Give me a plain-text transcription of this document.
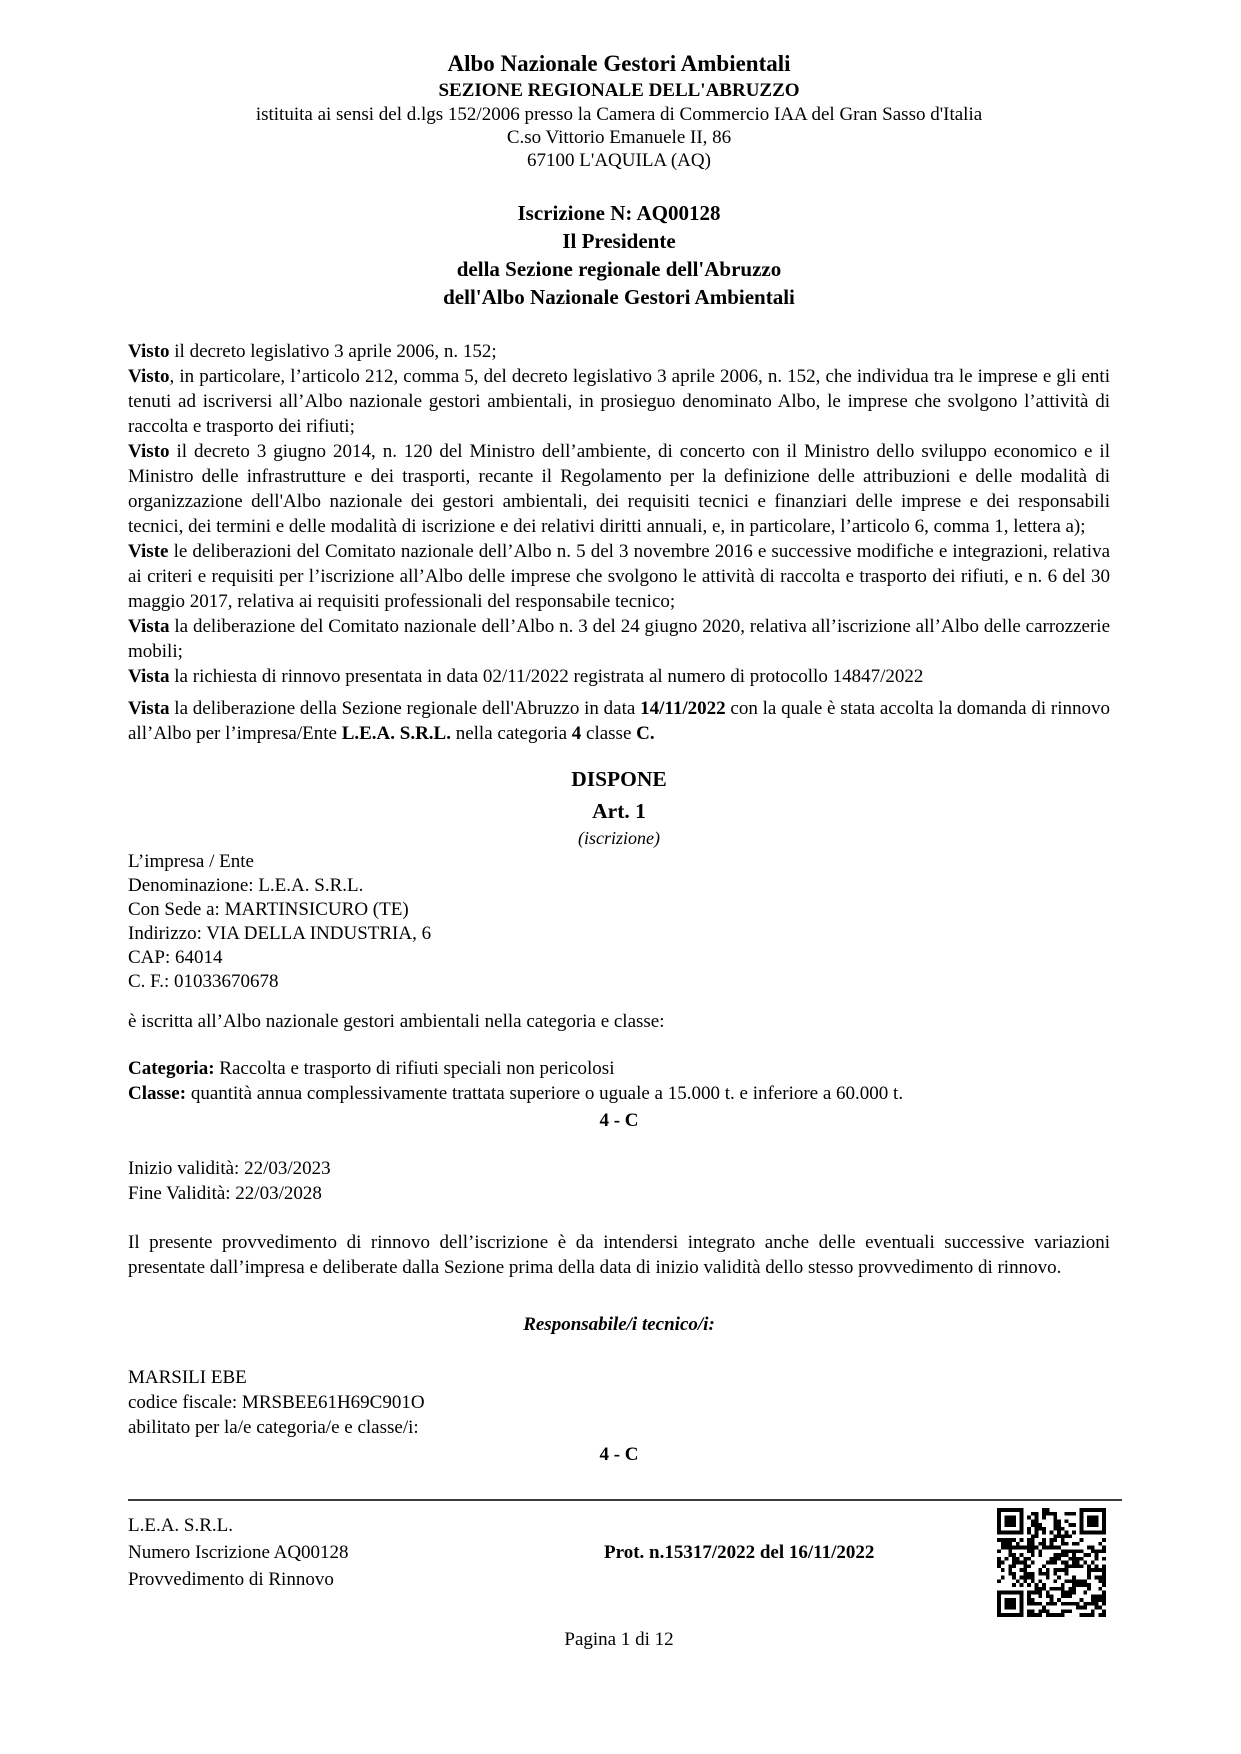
Albo Nazionale Gestori Ambientali
SEZIONE REGIONALE DELL'ABRUZZO
istituita ai sensi del d.lgs 152/2006 presso la Camera di Commercio IAA del Gran Sasso d'Italia
C.so Vittorio Emanuele II, 86
67100 L'AQUILA (AQ)
Iscrizione N: AQ00128
Il Presidente
della Sezione regionale dell'Abruzzo
dell'Albo Nazionale Gestori Ambientali

Visto il decreto legislativo 3 aprile 2006, n. 152;

Visto, in particolare, l’articolo 212, comma 5, del decreto legislativo 3 aprile 2006, n. 152, che individua tra le imprese e gli enti tenuti ad iscriversi all’Albo nazionale gestori ambientali, in prosieguo denominato Albo, le imprese che svolgono l’attività di raccolta e trasporto dei rifiuti;

Visto il decreto 3 giugno 2014, n. 120 del Ministro dell’ambiente, di concerto con il Ministro dello sviluppo economico e il Ministro delle infrastrutture e dei trasporti, recante il Regolamento per la definizione delle attribuzioni e delle modalità di organizzazione dell'Albo nazionale dei gestori ambientali, dei requisiti tecnici e finanziari delle imprese e dei responsabili tecnici, dei termini e delle modalità di iscrizione e dei relativi diritti annuali, e, in particolare, l’articolo 6, comma 1, lettera a);

Viste le deliberazioni del Comitato nazionale dell’Albo n. 5 del 3 novembre 2016 e successive modifiche e integrazioni, relativa ai criteri e requisiti per l’iscrizione all’Albo delle imprese che svolgono le attività di raccolta e trasporto dei rifiuti, e n. 6 del 30 maggio 2017, relativa ai requisiti professionali del responsabile tecnico;

Vista la deliberazione del Comitato nazionale dell’Albo n. 3 del 24 giugno 2020, relativa all’iscrizione all’Albo delle carrozzerie mobili;

Vista la richiesta di rinnovo presentata in data 02/11/2022 registrata al numero di protocollo 14847/2022

Vista la deliberazione della Sezione regionale dell'Abruzzo in data 14/11/2022 con la quale è stata accolta la domanda di rinnovo all’Albo per l’impresa/Ente L.E.A. S.R.L. nella categoria 4 classe C.

DISPONE
Art. 1
(iscrizione)
L’impresa / Ente
Denominazione: L.E.A. S.R.L.
Con Sede a: MARTINSICURO (TE)
Indirizzo: VIA DELLA INDUSTRIA, 6
CAP: 64014
C. F.: 01033670678
è iscritta all’Albo nazionale gestori ambientali nella categoria e classe:
Categoria: Raccolta e trasporto di rifiuti speciali non pericolosi
Classe: quantità annua complessivamente trattata superiore o uguale a 15.000 t. e inferiore a 60.000 t.
4 - C
Inizio validità: 22/03/2023
Fine Validità: 22/03/2028

Il presente provvedimento di rinnovo dell’iscrizione è da intendersi integrato anche delle eventuali successive variazioni presentate dall’impresa e deliberate dalla Sezione prima della data di inizio validità dello stesso provvedimento di rinnovo.

Responsabile/i tecnico/i:
MARSILI EBE
codice fiscale: MRSBEE61H69C901O
abilitato per la/e categoria/e e classe/i:
4 - C
L.E.A. S.R.L.
Numero Iscrizione AQ00128
Provvedimento di Rinnovo
Prot. n.15317/2022 del 16/11/2022
Pagina 1 di 12
